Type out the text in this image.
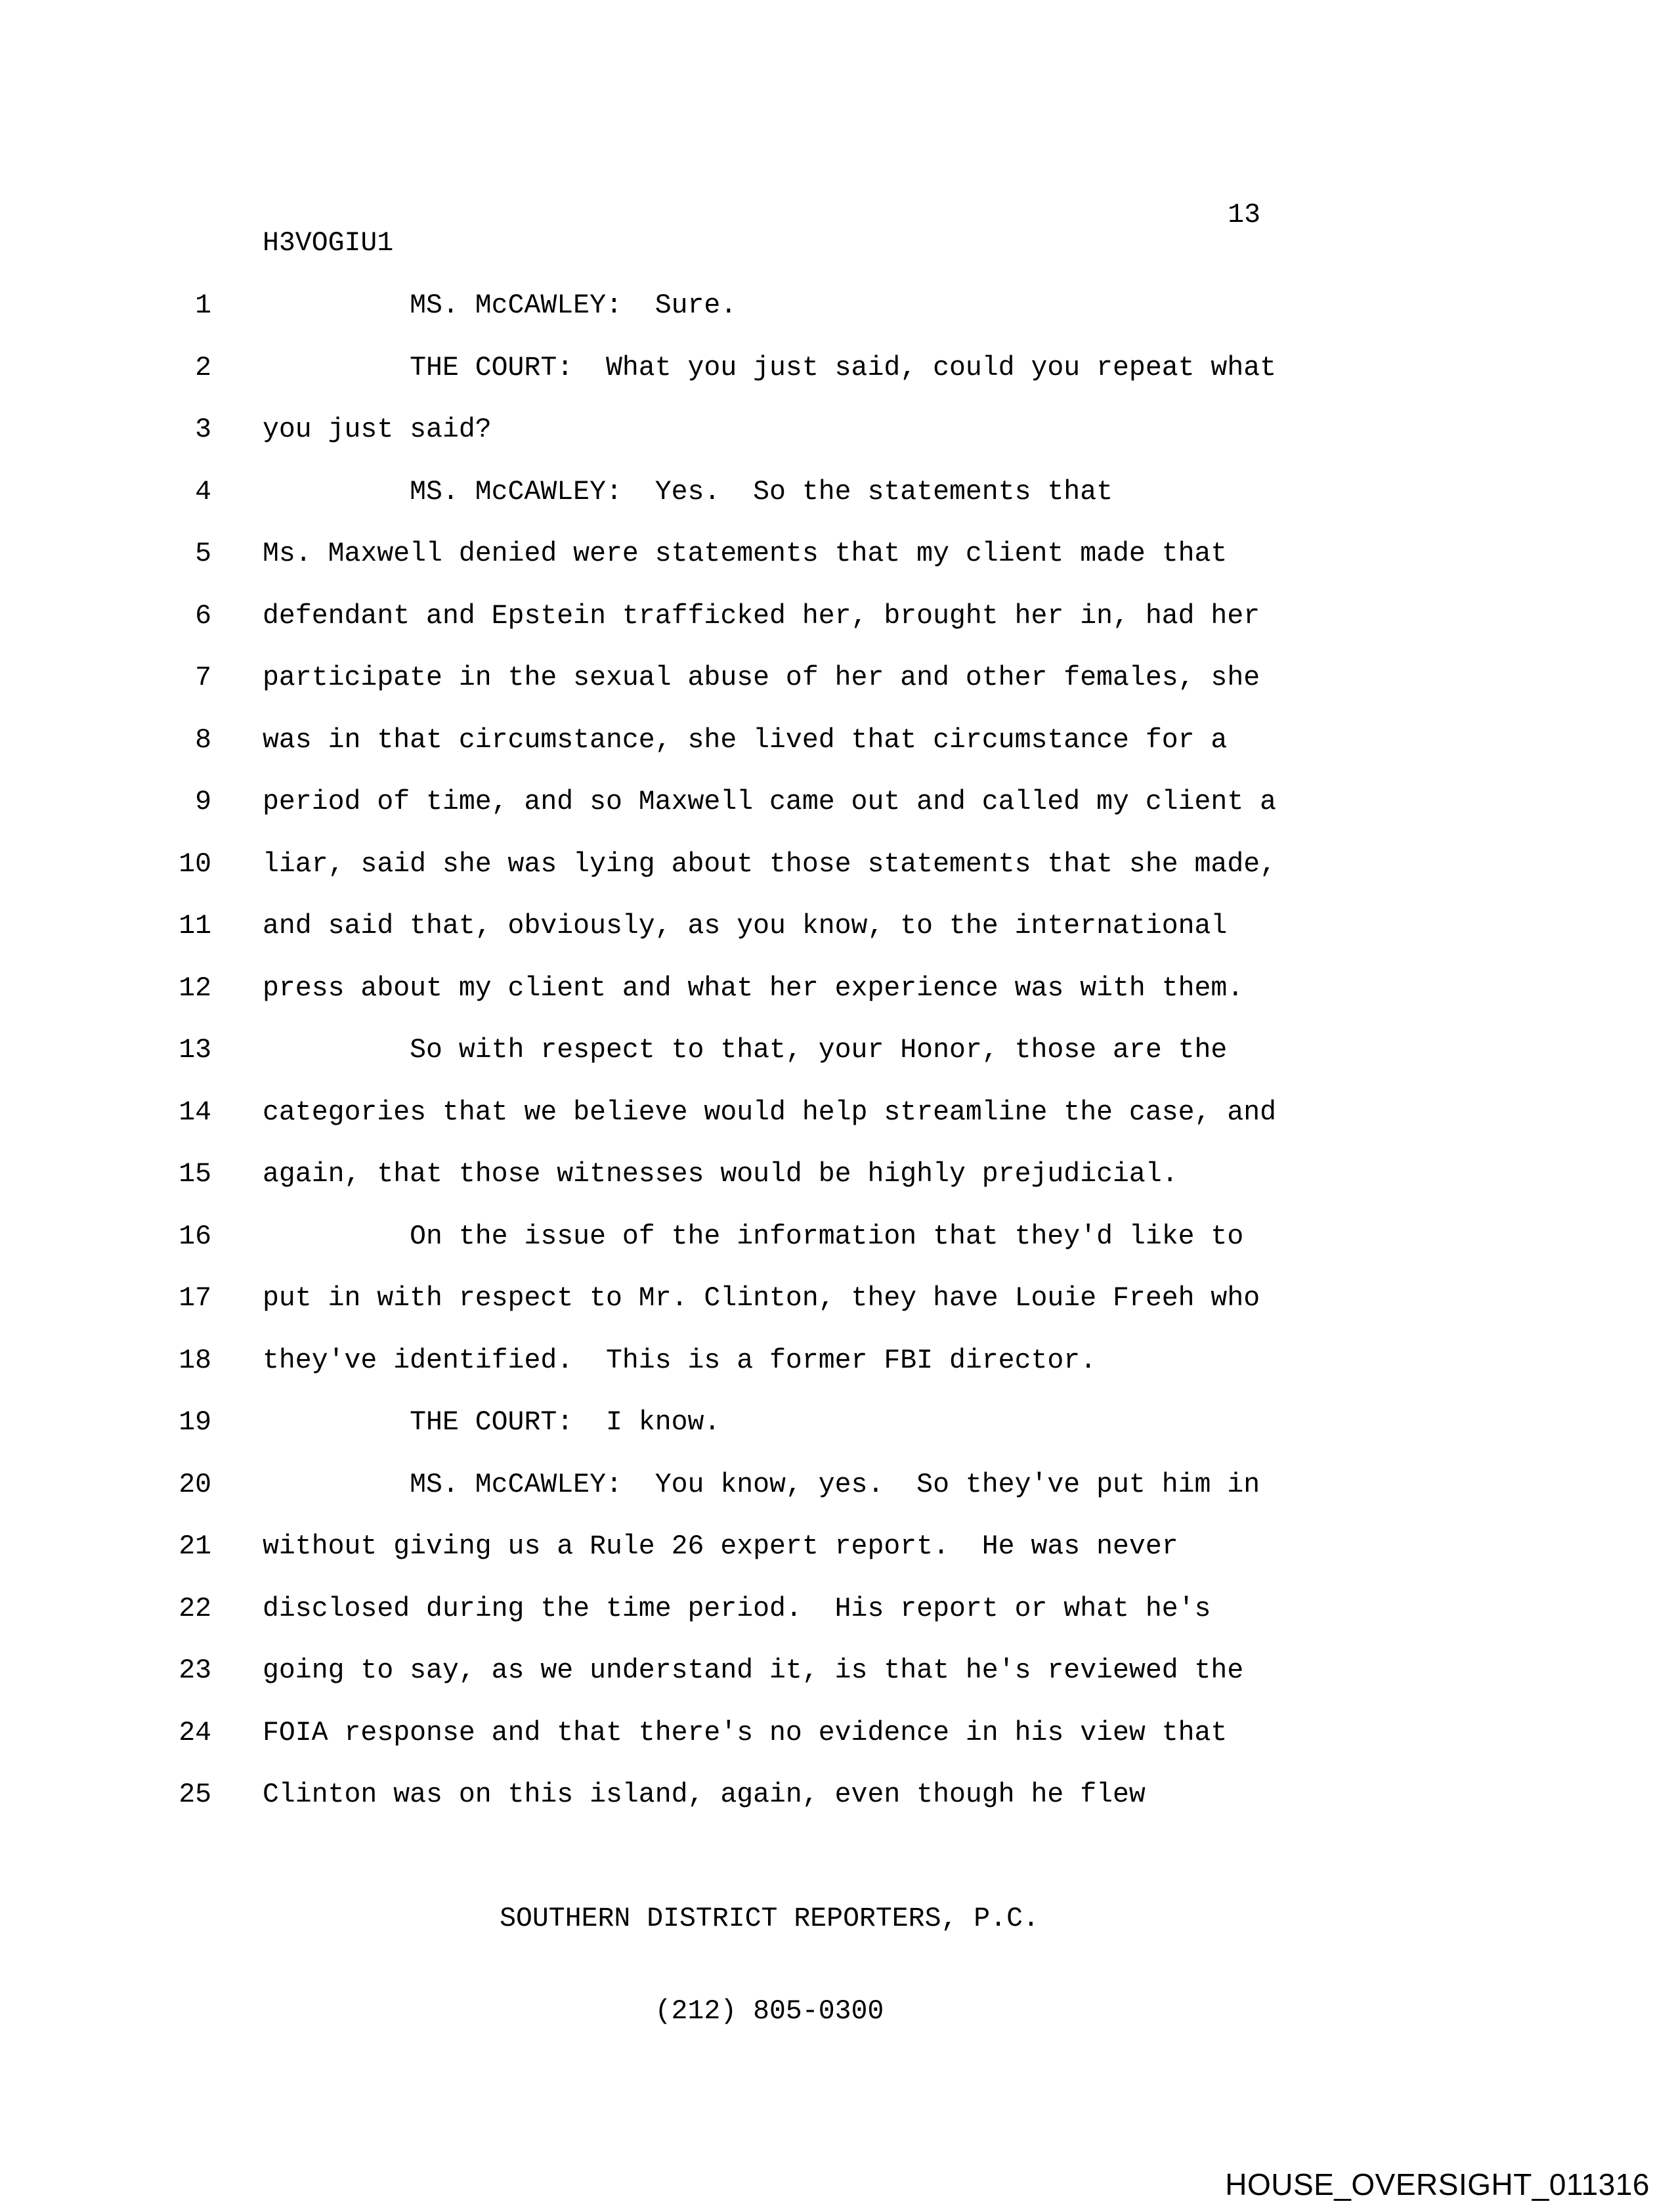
13
H3VOGIU1
1 MS. McCAWLEY:  Sure.
2 THE COURT:  What you just said, could you repeat what
3 you just said?
4 MS. McCAWLEY:  Yes.  So the statements that
5 Ms. Maxwell denied were statements that my client made that
6 defendant and Epstein trafficked her, brought her in, had her
7 participate in the sexual abuse of her and other females, she
8 was in that circumstance, she lived that circumstance for a
9 period of time, and so Maxwell came out and called my client a
10 liar, said she was lying about those statements that she made,
11 and said that, obviously, as you know, to the international
12 press about my client and what her experience was with them.
13 So with respect to that, your Honor, those are the
14 categories that we believe would help streamline the case, and
15 again, that those witnesses would be highly prejudicial.
16 On the issue of the information that they'd like to
17 put in with respect to Mr. Clinton, they have Louie Freeh who
18 they've identified.  This is a former FBI director.
19 THE COURT:  I know.
20 MS. McCAWLEY:  You know, yes.  So they've put him in
21 without giving us a Rule 26 expert report.  He was never
22 disclosed during the time period.  His report or what he's
23 going to say, as we understand it, is that he's reviewed the
24 FOIA response and that there's no evidence in his view that
25 Clinton was on this island, again, even though he flew

SOUTHERN DISTRICT REPORTERS, P.C.

(212) 805-0300

HOUSE_OVERSIGHT_011316
